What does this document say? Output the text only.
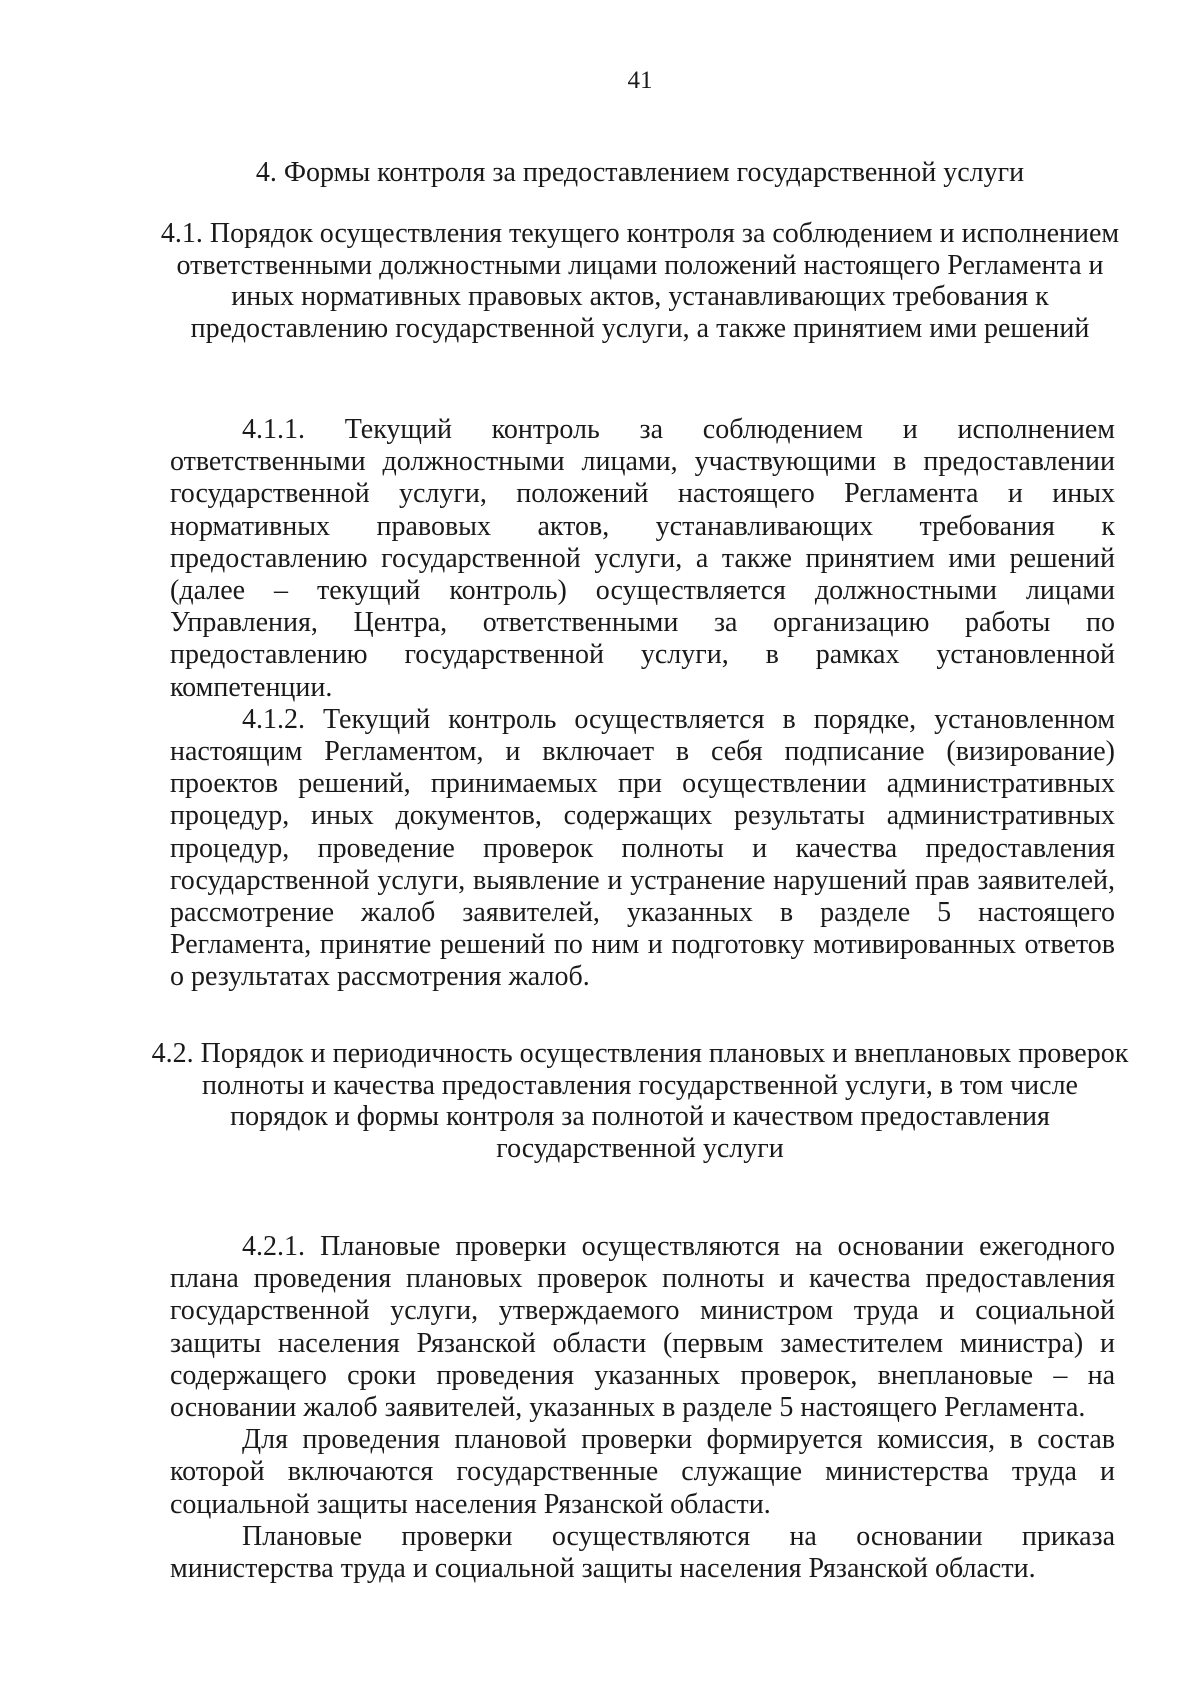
41
4. Формы контроля за предоставлением государственной услуги
4.1. Порядок осуществления текущего контроля за соблюдением и исполнением ответственными должностными лицами положений настоящего Регламента и иных нормативных правовых актов, устанавливающих требования к предоставлению государственной услуги, а также принятием ими решений

4.1.1. Текущий контроль за соблюдением и исполнением ответственными должностными лицами, участвующими в предоставлении государственной услуги, положений настоящего Регламента и иных нормативных правовых актов, устанавливающих требования к предоставлению государственной услуги, а также принятием ими решений (далее – текущий контроль) осуществляется должностными лицами Управления, Центра, ответственными за организацию работы по предоставлению государственной услуги, в рамках установленной компетенции.

4.1.2. Текущий контроль осуществляется в порядке, установленном настоящим Регламентом, и включает в себя подписание (визирование) проектов решений, принимаемых при осуществлении административных процедур, иных документов, содержащих результаты административных процедур, проведение проверок полноты и качества предоставления государственной услуги, выявление и устранение нарушений прав заявителей, рассмотрение жалоб заявителей, указанных в разделе 5 настоящего Регламента, принятие решений по ним и подготовку мотивированных ответов о результатах рассмотрения жалоб.

4.2. Порядок и периодичность осуществления плановых и внеплановых проверок полноты и качества предоставления государственной услуги, в том числе порядок и формы контроля за полнотой и качеством предоставления государственной услуги

4.2.1. Плановые проверки осуществляются на основании ежегодного плана проведения плановых проверок полноты и качества предоставления государственной услуги, утверждаемого министром труда и социальной защиты населения Рязанской области (первым заместителем министра) и содержащего сроки проведения указанных проверок, внеплановые – на основании жалоб заявителей, указанных в разделе 5 настоящего Регламента.

Для проведения плановой проверки формируется комиссия, в состав которой включаются государственные служащие министерства труда и социальной защиты населения Рязанской области.

Плановые проверки осуществляются на основании приказа министерства труда и социальной защиты населения Рязанской области.
